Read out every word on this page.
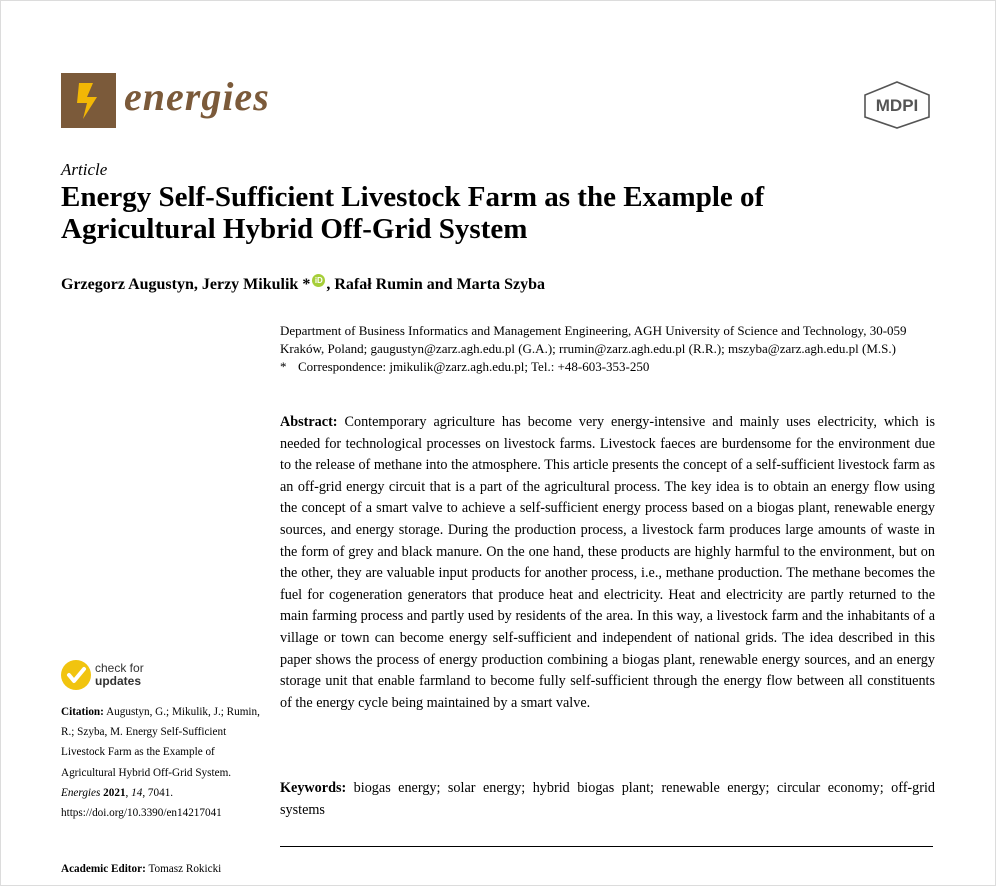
energies	MDPI
Article
Energy Self-Sufficient Livestock Farm as the Example of Agricultural Hybrid Off-Grid System
Grzegorz Augustyn, Jerzy Mikulik * iD , Rafał Rumin and Marta Szyba
Department of Business Informatics and Management Engineering, AGH University of Science and Technology, 30-059 Kraków, Poland; gaugustyn@zarz.agh.edu.pl (G.A.); rrumin@zarz.agh.edu.pl (R.R.); mszyba@zarz.agh.edu.pl (M.S.)
* Correspondence: jmikulik@zarz.agh.edu.pl; Tel.: +48-603-353-250
Abstract: Contemporary agriculture has become very energy-intensive and mainly uses electricity, which is needed for technological processes on livestock farms. Livestock faeces are burdensome for the environment due to the release of methane into the atmosphere. This article presents the concept of a self-sufficient livestock farm as an off-grid energy circuit that is a part of the agricultural process. The key idea is to obtain an energy flow using the concept of a smart valve to achieve a self-sufficient energy process based on a biogas plant, renewable energy sources, and energy storage. During the production process, a livestock farm produces large amounts of waste in the form of grey and black manure. On the one hand, these products are highly harmful to the environment, but on the other, they are valuable input products for another process, i.e., methane production. The methane becomes the fuel for cogeneration generators that produce heat and electricity. Heat and electricity are partly returned to the main farming process and partly used by residents of the area. In this way, a livestock farm and the inhabitants of a village or town can become energy self-sufficient and independent of national grids. The idea described in this paper shows the process of energy production combining a biogas plant, renewable energy sources, and an energy storage unit that enable farmland to become fully self-sufficient through the energy flow between all constituents of the energy cycle being maintained by a smart valve.
Keywords: biogas energy; solar energy; hybrid biogas plant; renewable energy; circular economy; off-grid systems
check for
updates
Citation: Augustyn, G.; Mikulik, J.; Rumin, R.; Szyba, M. Energy Self-Sufficient Livestock Farm as the Example of Agricultural Hybrid Off-Grid System. Energies 2021, 14, 7041. https://doi.org/10.3390/en14217041
Academic Editor: Tomasz Rokicki
